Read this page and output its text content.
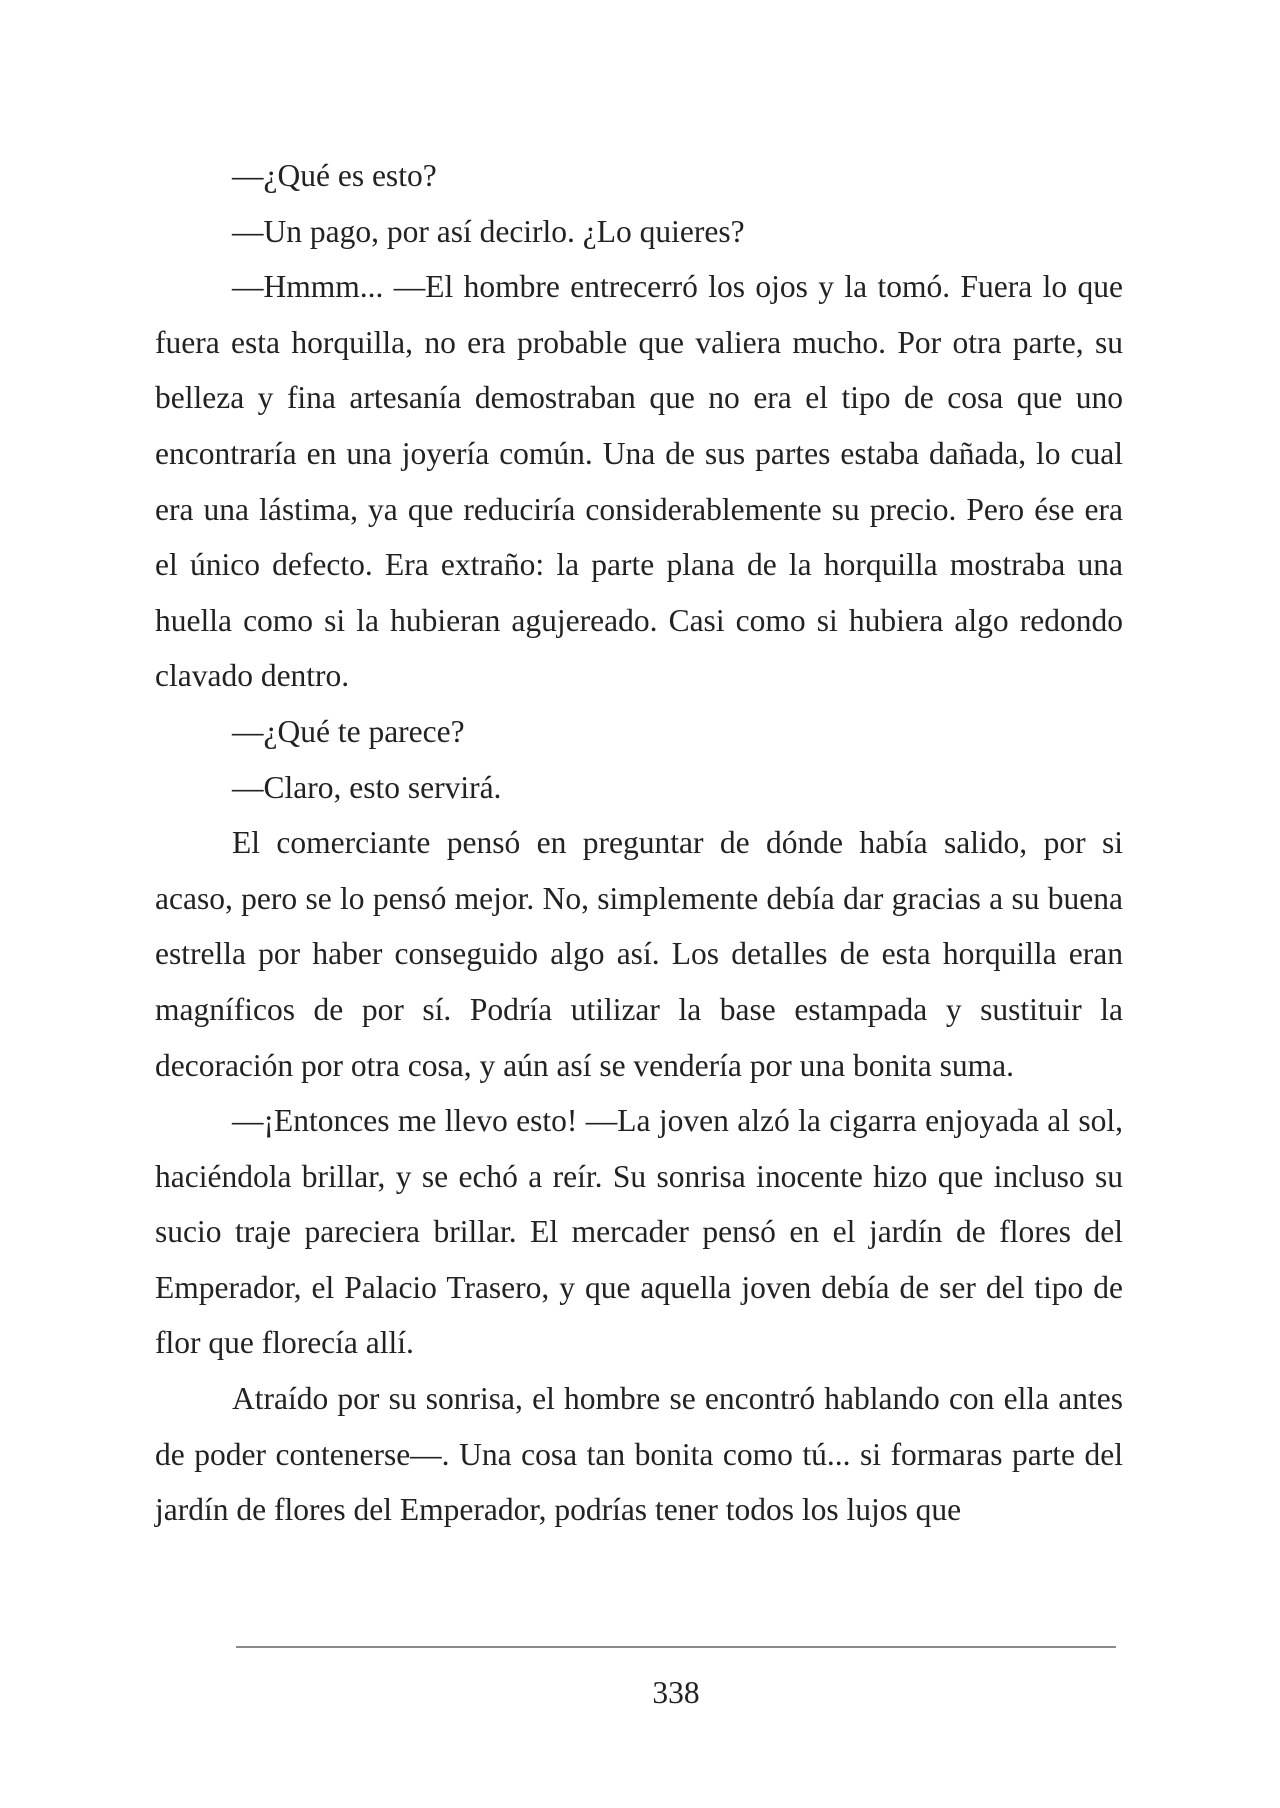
—¿Qué es esto?

—Un pago, por así decirlo. ¿Lo quieres?

—Hmmm... —El hombre entrecerró los ojos y la tomó. Fuera lo que fuera esta horquilla, no era probable que valiera mucho. Por otra parte, su belleza y fina artesanía demostraban que no era el tipo de cosa que uno encontraría en una joyería común. Una de sus partes estaba dañada, lo cual era una lástima, ya que reduciría considerablemente su precio. Pero ése era el único defecto. Era extraño: la parte plana de la horquilla mostraba una huella como si la hubieran agujereado. Casi como si hubiera algo redondo clavado dentro.

—¿Qué te parece?

—Claro, esto servirá.

El comerciante pensó en preguntar de dónde había salido, por si acaso, pero se lo pensó mejor. No, simplemente debía dar gracias a su buena estrella por haber conseguido algo así. Los detalles de esta horquilla eran magníficos de por sí. Podría utilizar la base estampada y sustituir la decoración por otra cosa, y aún así se vendería por una bonita suma.

—¡Entonces me llevo esto! —La joven alzó la cigarra enjoyada al sol, haciéndola brillar, y se echó a reír. Su sonrisa inocente hizo que incluso su sucio traje pareciera brillar. El mercader pensó en el jardín de flores del Emperador, el Palacio Trasero, y que aquella joven debía de ser del tipo de flor que florecía allí.

Atraído por su sonrisa, el hombre se encontró hablando con ella antes de poder contenerse—. Una cosa tan bonita como tú... si formaras parte del jardín de flores del Emperador, podrías tener todos los lujos que

338
